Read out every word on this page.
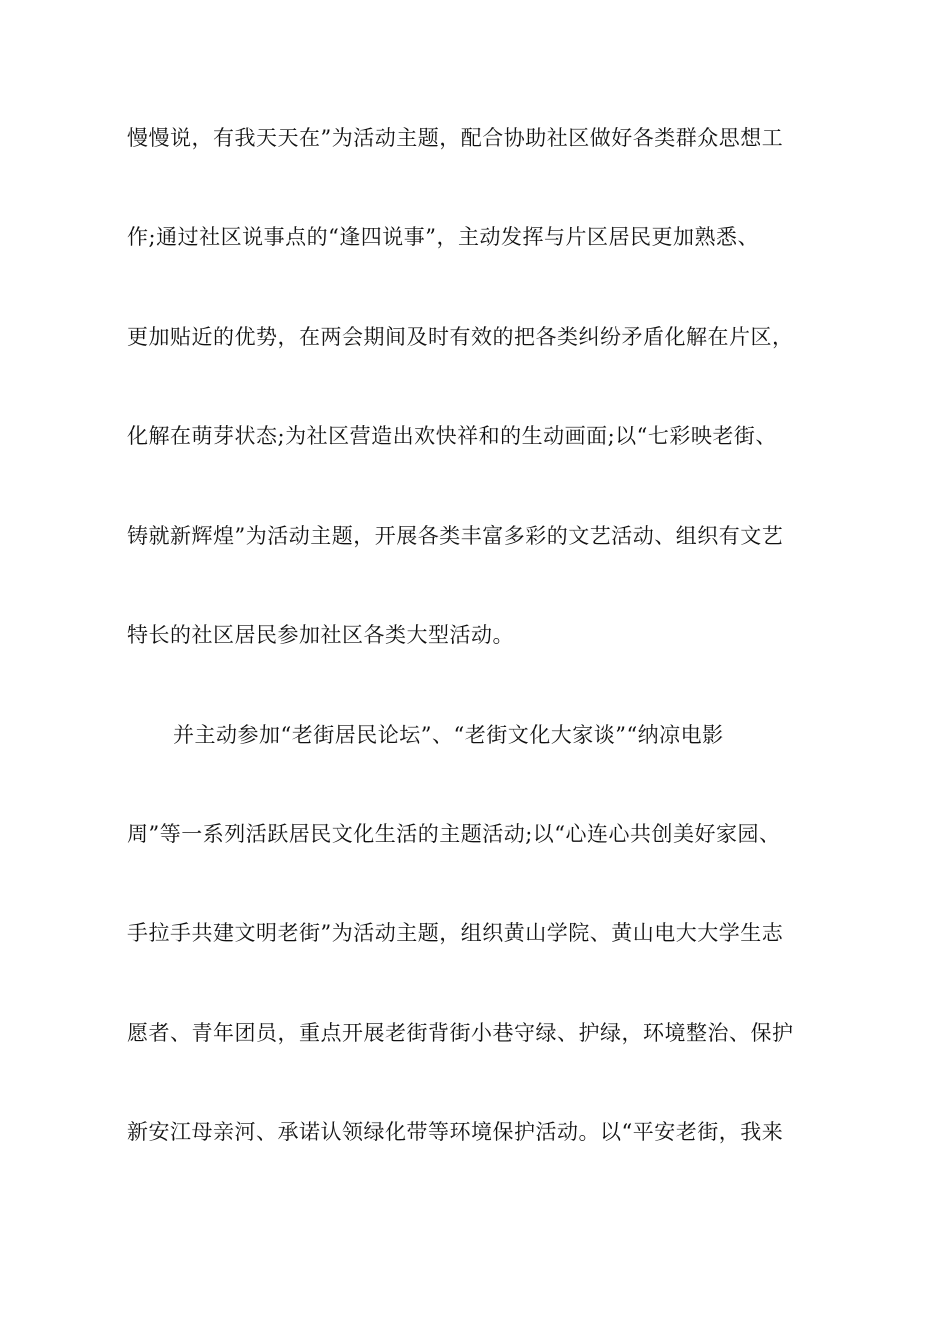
慢慢说，有我天天在”为活动主题，配合协助社区做好各类群众思想工
作;通过社区说事点的“逢四说事”，主动发挥与片区居民更加熟悉、
更加贴近的优势，在两会期间及时有效的把各类纠纷矛盾化解在片区，
化解在萌芽状态;为社区营造出欢快祥和的生动画面;以“七彩映老街、
铸就新辉煌”为活动主题，开展各类丰富多彩的文艺活动、组织有文艺
特长的社区居民参加社区各类大型活动。
并主动参加“老街居民论坛”、“老街文化大家谈”“纳凉电影
周”等一系列活跃居民文化生活的主题活动;以“心连心共创美好家园、
手拉手共建文明老街”为活动主题，组织黄山学院、黄山电大大学生志
愿者、青年团员，重点开展老街背街小巷守绿、护绿，环境整治、保护
新安江母亲河、承诺认领绿化带等环境保护活动。以“平安老街，我来
